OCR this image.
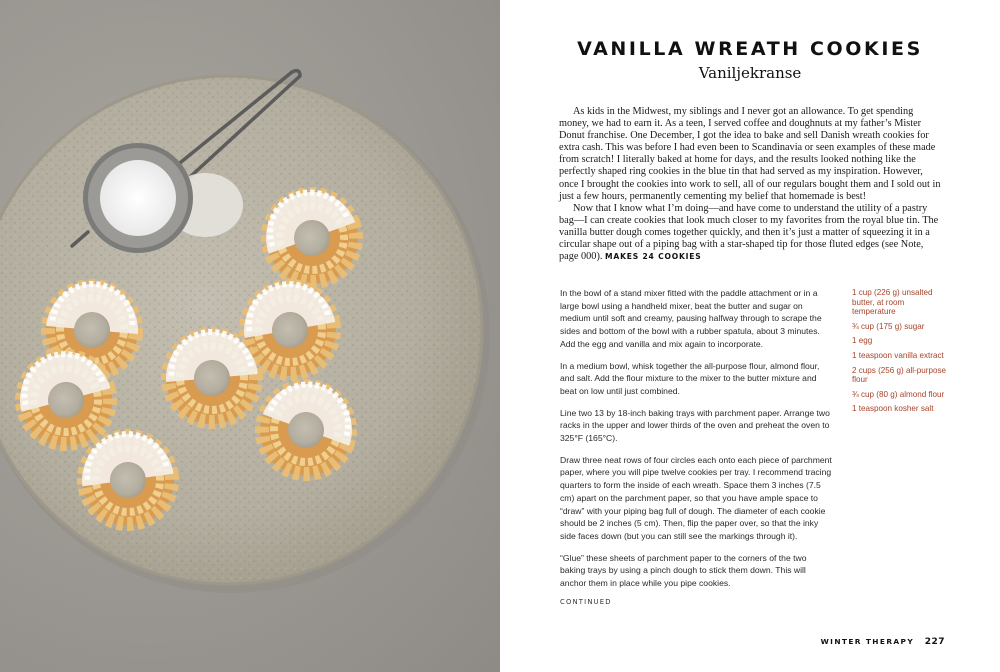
VANILLA WREATH COOKIES
Vaniljekranse

As kids in the Midwest, my siblings and I never got an allowance. To get spending money, we had to earn it. As a teen, I served coffee and doughnuts at my father’s Mister Donut franchise. One December, I got the idea to bake and sell Danish wreath cookies for extra cash. This was before I had even been to Scandinavia or seen examples of these made from scratch! I literally baked at home for days, and the results looked nothing like the perfectly shaped ring cookies in the blue tin that had served as my inspiration. However, once I brought the cookies into work to sell, all of our regulars bought them and I sold out in just a few hours, permanently cementing my belief that homemade is best!

Now that I know what I’m doing—and have come to understand the utility of a pastry bag—I can create cookies that look much closer to my favorites from the royal blue tin. The vanilla butter dough comes together quickly, and then it’s just a matter of squeezing it in a circular shape out of a piping bag with a star-shaped tip for those fluted edges (see Note, page 000). MAKES 24 COOKIES

In the bowl of a stand mixer fitted with the paddle attachment or in a large bowl using a handheld mixer, beat the butter and sugar on medium until soft and creamy, pausing halfway through to scrape the sides and bottom of the bowl with a rubber spatula, about 3 minutes. Add the egg and vanilla and mix again to incorporate.

In a medium bowl, whisk together the all-purpose flour, almond flour, and salt. Add the flour mixture to the mixer to the butter mixture and beat on low until just combined.

Line two 13 by 18-inch baking trays with parchment paper. Arrange two racks in the upper and lower thirds of the oven and preheat the oven to 325°F (165°C).

Draw three neat rows of four circles each onto each piece of parchment paper, where you will pipe twelve cookies per tray. I recommend tracing quarters to form the inside of each wreath. Space them 3 inches (7.5 cm) apart on the parchment paper, so that you have ample space to “draw” with your piping bag full of dough. The diameter of each cookie should be 2 inches (5 cm). Then, flip the paper over, so that the inky side faces down (but you can still see the markings through it).

“Glue” these sheets of parchment paper to the corners of the two baking trays by using a pinch dough to stick them down. This will anchor them in place while you pipe cookies.

1 cup (226 g) unsalted butter, at room temperature
¾ cup (175 g) sugar
1 egg
1 teaspoon vanilla extract
2 cups (256 g) all-purpose flour
¾ cup (80 g) almond flour
1 teaspoon kosher salt
CONTINUED
WINTER THERAPY 227
